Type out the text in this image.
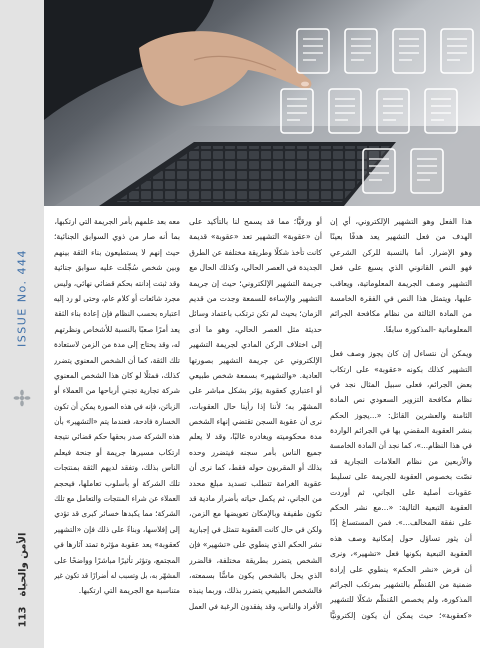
ISSUE No. 444
الأمن والحياة
113
هذا الفعل وهو التشهير الإلكتروني، أي إن
الهدف من فعل التشهير يعد هدفًا بعينًا
وهو الإضرار. أما بالنسبة للركن الشرعي
فهو النص القانوني الذي يسبغ على فعل
التشهير وصف الجريمة المعلوماتية، ويعاقب
عليها، ويتمثل هذا النص في الفقرة الخامسة
من المادة الثالثة من نظام مكافحة الجرائم
المعلوماتية -المذكورة سابقًا.
ويمكن أن نتساءل إن كان يجوز وصف فعل
التشهير كذلك بكونه «عقوبة» على ارتكاب
بعض الجرائم، فعلى سبيل المثال نجد في
نظام مكافحة التزوير السعودي نص المادة
الثامنة والعشرين القائل: «...يجوز الحكم
بنشر العقوبة المقضي بها في الجرائم الواردة
في هذا النظام...»، كما نجد أن المادة الخامسة
والأربعين من نظام العلامات التجارية قد
نصّت بخصوص العقوبة للجريمة على تسليط
عقوبات أصلية على الجاني، ثم أوردت
العقوبة التبعية التالية: «...مع نشر الحكم
على نفقة المخالف...». فمن المستساغ إذًا
أن يثور تساؤل حول إمكانية وصف هذه
العقوبة التبعية بكونها فعل «تشهير»، ونرى
أن فرض «نشر الحكم» ينطوي على إرادة
ضمنية من المُنظّم بالتشهير بمرتكب الجرائم
المذكورة، ولم يخصص المُنظّم شكلًا للتشهير
«كعقوبة»؛ حيث يمكن أن يكون إلكترونيًّا
أو ورقيًّا؛ مما قد يسمح لنا بالتأكيد على
أن «عقوبة» التشهير تعد «عقوبة» قديمة
كانت تأخذ شكلًا وطريقة مختلفة عن الطرق
الجديدة في العصر الحالي، وكذلك الحال مع
جريمة التشهير الإلكتروني؛ حيث إن جريمة
التشهير والإساءة للسمعة وجدت من قديم
الزمان؛ بحيث لم تكن ترتكب باعتماد وسائل
حديثة مثل العصر الحالي، وهو ما أدى
إلى اختلاف الركن المادي لجريمة التشهير
الإلكتروني عن جريمة التشهير بصورتها
العادية. «والتشهير» بسمعة شخص طبيعي
أو اعتباري كعقوبة يؤثر بشكل مباشر على
المشهّر به؛ لأننا إذا رأينا حال العقوبات،
نرى أن عقوبة السجن تقتضي إنهاء الشخص
مدة محكوميته ويغادره غالبًا، وقد لا يعلم
جميع الناس بأمر سجنه فيتضرر وحده
بذلك أو المقربون حوله فقط، كما نرى أن
عقوبة الغرامة تتطلب تسديد مبلغ محدد
من الجاني، ثم يكمل حياته بأضرار مادية قد
تكون طفيفة وبالإمكان تعويضها مع الزمن،
ولكن في حال كانت العقوبة تتمثل في إجبارية
نشر الحكم الذي ينطوي على «تشهير» فإن
الشخص يتضرر بطريقة مختلفة، فالضرر
الذي يحل بالشخص يكون ماسًّا بسمعته،
فالشخص الطبيعي يتضرر بذلك، وربما ينبذه
الأفراد والناس، وقد يفقدون الرغبة في العمل
معه بعد علمهم بأمر الجريمة التي ارتكبها،
بما أنه صار من ذوي السوابق الجنائية؛
حيث إنهم لا يستطيعون بناء الثقة بينهم
وبين شخص سُجِّلت عليه سوابق جنائية
وقد ثبتت إدانته بحكم قضائي نهائي، وليس
مجرد شائعات أو كلام عام، وحتى لو رد إليه
اعتباره بحسب النظام فإن إعادة بناء الثقة
يعد أمرًا صعبًا بالنسبة للأشخاص ونظرتهم
له، وقد يحتاج إلى مدة من الزمن لاستعادة
تلك الثقة، كما أن الشخص المعنوي يتضرر
كذلك، فمثلًا لو كان هذا الشخص المعنوي
شركة تجارية تجني أرباحها من العملاء أو
الزبائن، فإنه في هذه الصورة يمكن أن تكون
الخسارة فادحة، فعندما يتم «التشهير» بأن
هذه الشركة صدر بحقها حكم قضائي نتيجة
ارتكاب مسيرها جريمة أو جنحة فيعلم
الناس بذلك، وتفقد لديهم الثقة بمنتجات
تلك الشركة أو بأسلوب تعاملها، فيحجم
العملاء عن شراء المنتجات والتعامل مع تلك
الشركة؛ مما يكبدها خسائر كبرى قد تؤدي
إلى إفلاسها، وبناءً على ذلك فإن «التشهير
كعقوبة» يعد عقوبة مؤثرة تمتد آثارها في
المجتمع، وتؤثر تأثيرًا مباشرًا وواضحًا على
المشهّر به، بل وتسبب له أضرارًا قد تكون غير
متناسبة مع الجريمة التي ارتكبها.
